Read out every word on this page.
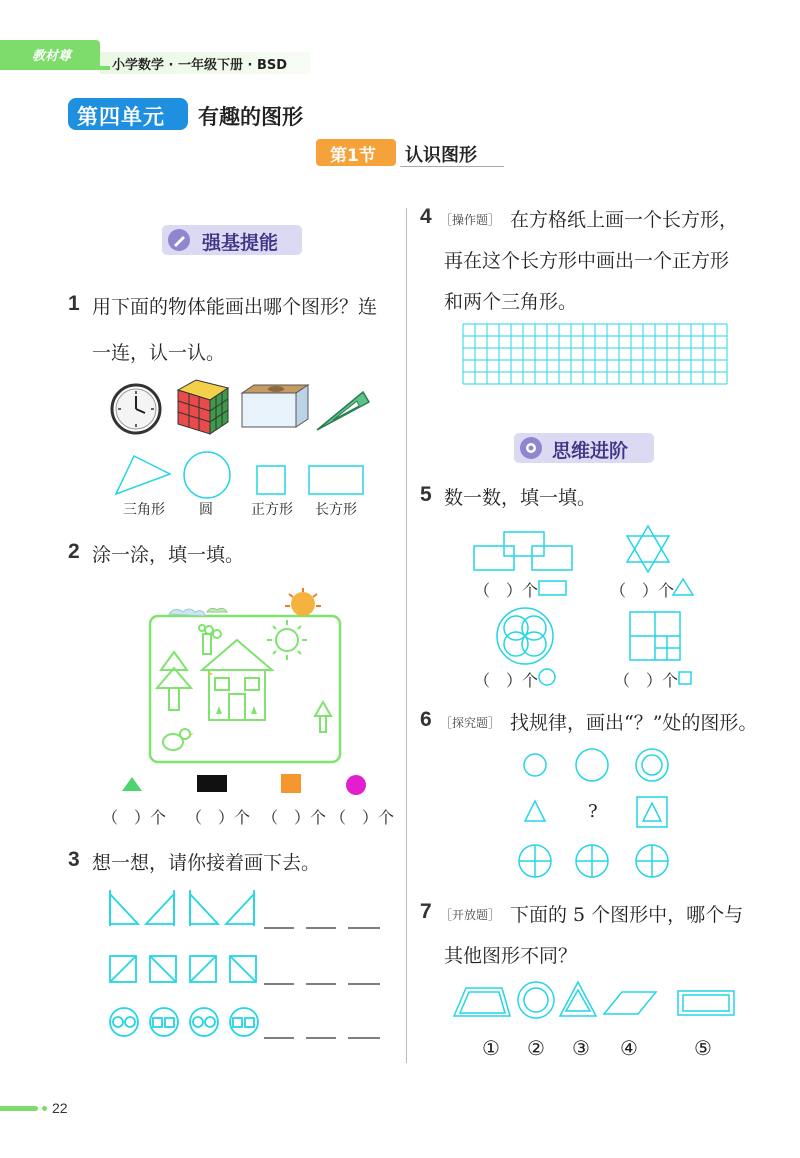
教材尊
小学数学 · 一年级下册 · BSD
第四单元 有趣的图形
第1节 认识图形
强基提能
1 用下面的物体能画出哪个图形？连
一连，认一认。
三角形	圆	正方形	长方形
2 涂一涂，填一填。
（　）个 （　）个 （　）个 （　）个
3 想一想，请你接着画下去。
4 ［操作题］ 在方格纸上画一个长方形，
再在这个长方形中画出一个正方形
和两个三角形。
思维进阶
5 数一数，填一填。
（　）个	（　）个
（　）个	（　）个
6 ［探究题］ 找规律，画出“？”处的图形。
?
7 ［开放题］ 下面的 5 个图形中，哪个与
其他图形不同？
① ② ③ ④	⑤
22
